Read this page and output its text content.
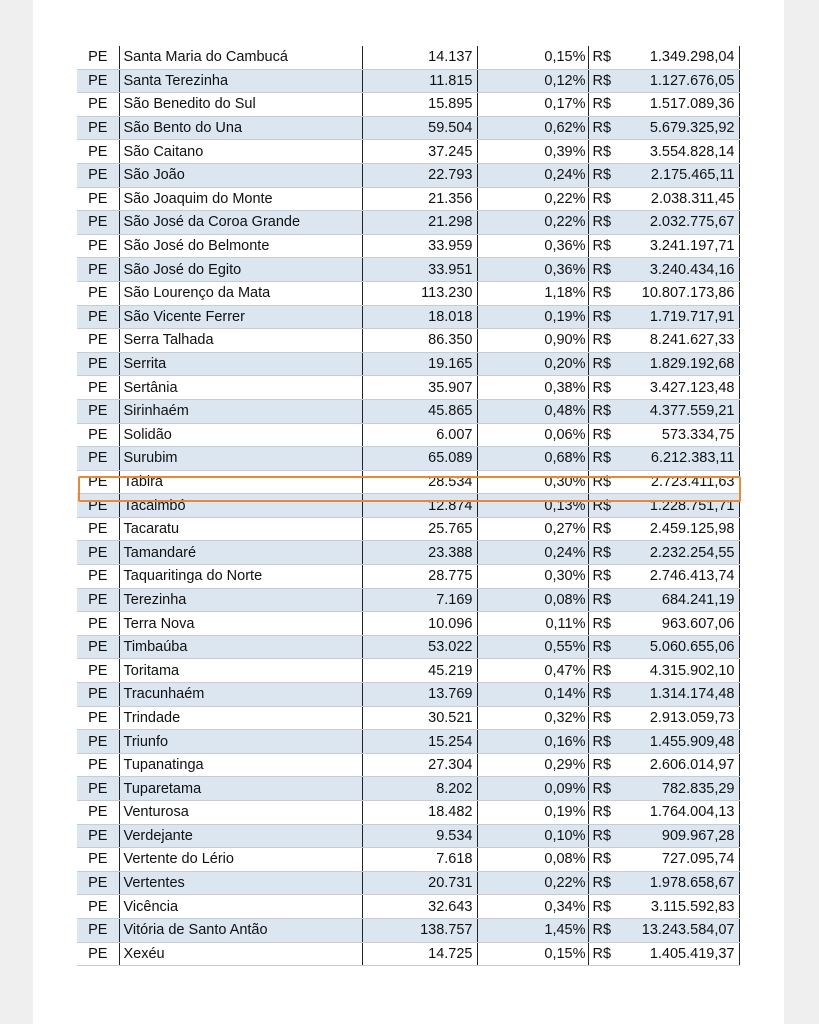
PE	Santa Maria do Cambucá	14.137	0,15%	R$	1.349.298,04
PE	Santa Terezinha	11.815	0,12%	R$	1.127.676,05
PE	São Benedito do Sul	15.895	0,17%	R$	1.517.089,36
PE	São Bento do Una	59.504	0,62%	R$	5.679.325,92
PE	São Caitano	37.245	0,39%	R$	3.554.828,14
PE	São João	22.793	0,24%	R$	2.175.465,11
PE	São Joaquim do Monte	21.356	0,22%	R$	2.038.311,45
PE	São José da Coroa Grande	21.298	0,22%	R$	2.032.775,67
PE	São José do Belmonte	33.959	0,36%	R$	3.241.197,71
PE	São José do Egito	33.951	0,36%	R$	3.240.434,16
PE	São Lourenço da Mata	113.230	1,18%	R$	10.807.173,86
PE	São Vicente Ferrer	18.018	0,19%	R$	1.719.717,91
PE	Serra Talhada	86.350	0,90%	R$	8.241.627,33
PE	Serrita	19.165	0,20%	R$	1.829.192,68
PE	Sertânia	35.907	0,38%	R$	3.427.123,48
PE	Sirinhaém	45.865	0,48%	R$	4.377.559,21
PE	Solidão	6.007	0,06%	R$	573.334,75
PE	Surubim	65.089	0,68%	R$	6.212.383,11
PE	Tabira	28.534	0,30%	R$	2.723.411,63
PE	Tacaimbó	12.874	0,13%	R$	1.228.751,71
PE	Tacaratu	25.765	0,27%	R$	2.459.125,98
PE	Tamandaré	23.388	0,24%	R$	2.232.254,55
PE	Taquaritinga do Norte	28.775	0,30%	R$	2.746.413,74
PE	Terezinha	7.169	0,08%	R$	684.241,19
PE	Terra Nova	10.096	0,11%	R$	963.607,06
PE	Timbaúba	53.022	0,55%	R$	5.060.655,06
PE	Toritama	45.219	0,47%	R$	4.315.902,10
PE	Tracunhaém	13.769	0,14%	R$	1.314.174,48
PE	Trindade	30.521	0,32%	R$	2.913.059,73
PE	Triunfo	15.254	0,16%	R$	1.455.909,48
PE	Tupanatinga	27.304	0,29%	R$	2.606.014,97
PE	Tuparetama	8.202	0,09%	R$	782.835,29
PE	Venturosa	18.482	0,19%	R$	1.764.004,13
PE	Verdejante	9.534	0,10%	R$	909.967,28
PE	Vertente do Lério	7.618	0,08%	R$	727.095,74
PE	Vertentes	20.731	0,22%	R$	1.978.658,67
PE	Vicência	32.643	0,34%	R$	3.115.592,83
PE	Vitória de Santo Antão	138.757	1,45%	R$	13.243.584,07
PE	Xexéu	14.725	0,15%	R$	1.405.419,37
